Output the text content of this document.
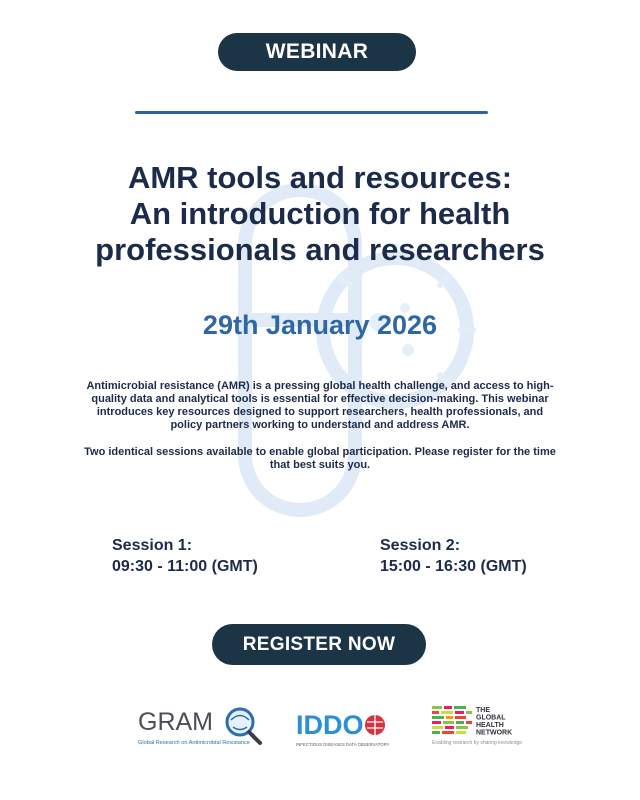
WEBINAR
AMR tools and resources:
An introduction for health
professionals and researchers
29th January 2026
Antimicrobial resistance (AMR) is a pressing global health challenge, and access to high-quality data and analytical tools is essential for effective decision-making. This webinar introduces key resources designed to support researchers, health professionals, and policy partners working to understand and address AMR.
Two identical sessions available to enable global participation. Please register for the time that best suits you.
Session 1:
09:30 - 11:00 (GMT)
Session 2:
15:00 - 16:30 (GMT)
REGISTER NOW
GRAM
Global Research on Antimicrobial Resistance
IDDO
INFECTIOUS DISEASES DATA OBSERVATORY
THE
GLOBAL
HEALTH
NETWORK
Enabling research by sharing knowledge
